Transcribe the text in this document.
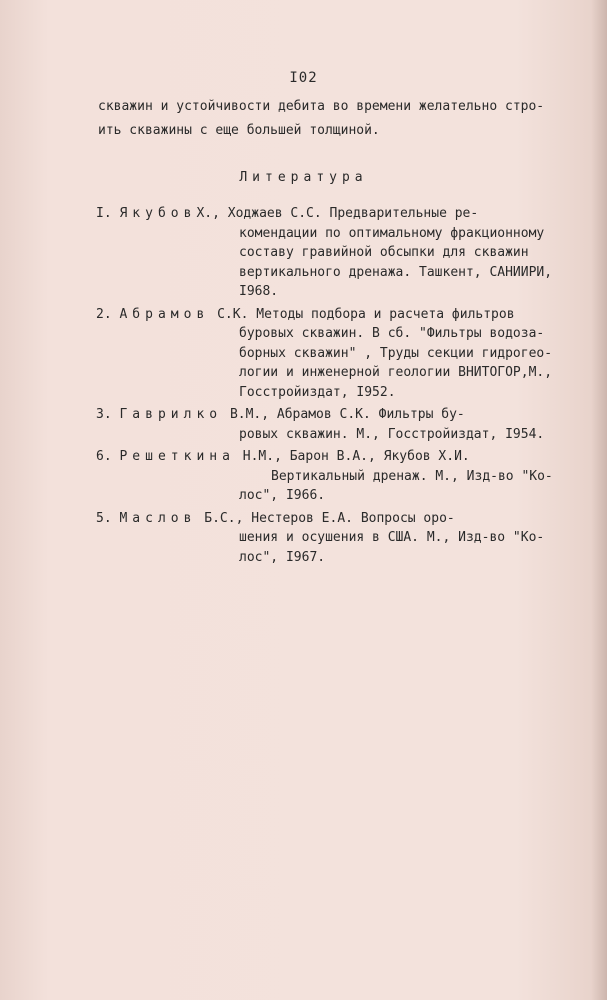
I02
скважин и устойчивости дебита во времени желательно стро-
ить скважины с еще большей толщиной.
Литература
I. ЯкубовХ., Ходжаев С.С. Предварительные ре-
комендации по оптимальному фракционному
составу гравийной обсыпки для скважин
вертикального дренажа. Ташкент, САНИИРИ,
I968.
2. Абрамов С.К. Методы подбора и расчета фильтров
буровых скважин. В сб. "Фильтры водоза-
борных скважин" , Труды секции гидрогео-
логии и инженерной геологии ВНИТОГОР,М.,
Госстройиздат, I952.
3. Гаврилко В.М., Абрамов С.К. Фильтры бу-
ровых скважин. М., Госстройиздат, I954.
6. Решеткина Н.М., Барон В.А., Якубов Х.И.
Вертикальный дренаж. М., Изд-во "Ко-
лос", I966.
5. Маслов Б.С., Нестеров Е.А. Вопросы оро-
шения и осушения в США. М., Изд-во "Ко-
лос", I967.
